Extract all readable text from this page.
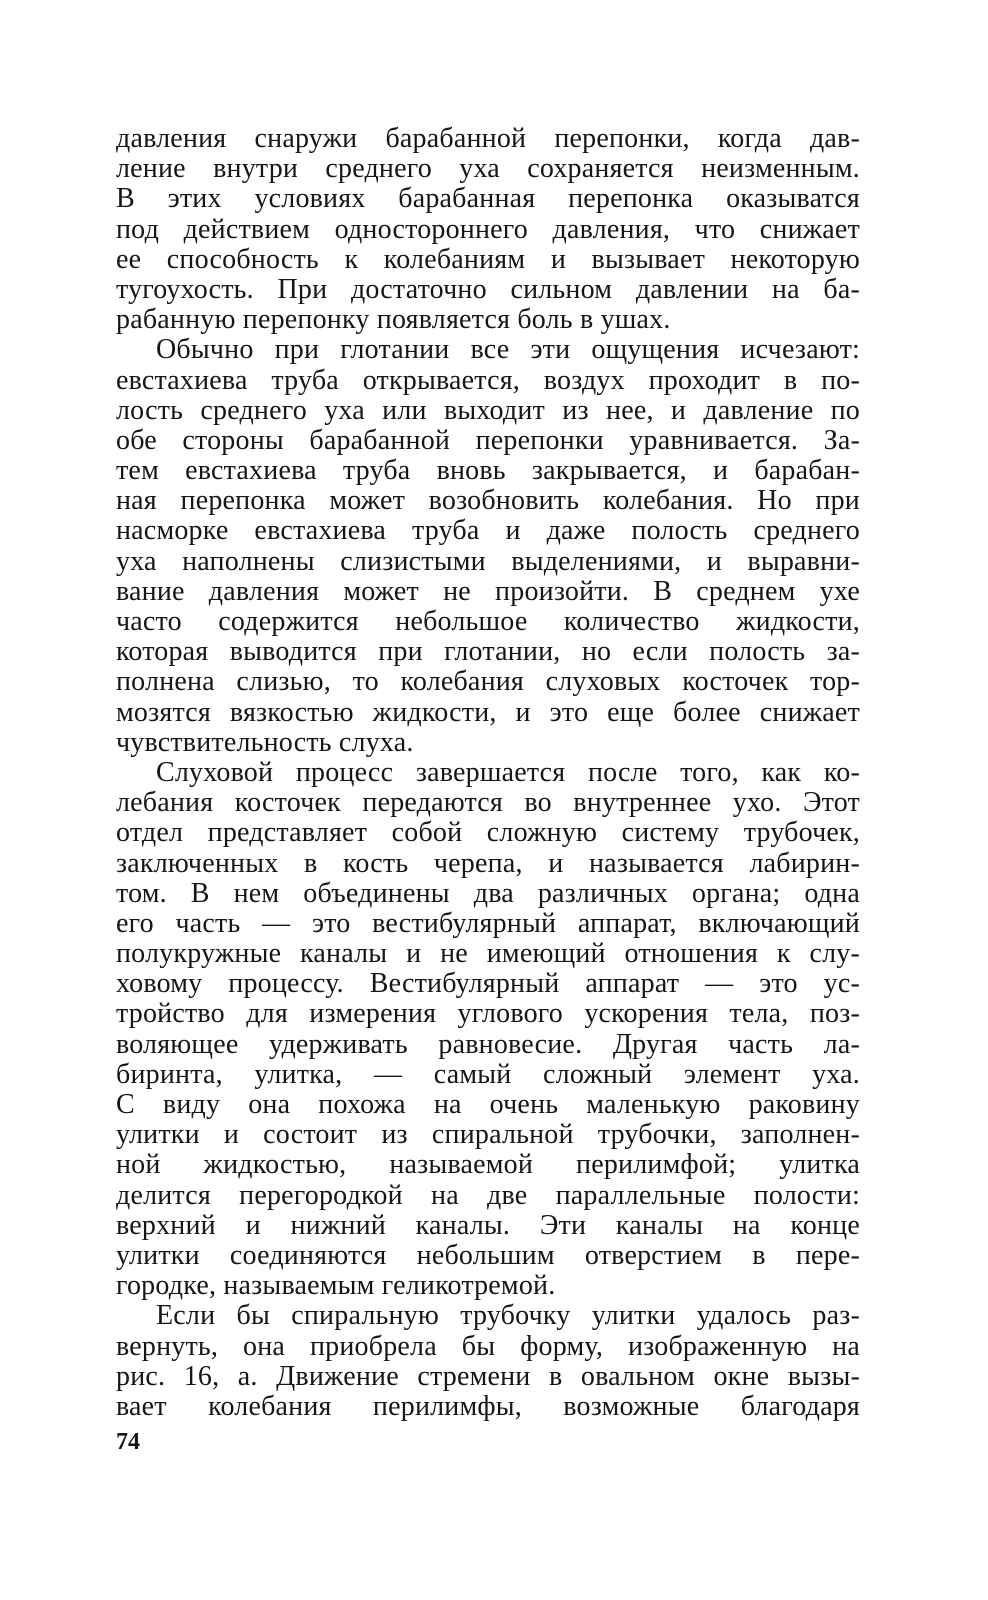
давления снаружи барабанной перепонки, когда дав-
ление внутри среднего уха сохраняется неизменным.
В этих условиях барабанная перепонка оказыватся
под действием одностороннего давления, что снижает
ее способность к колебаниям и вызывает некоторую
тугоухость. При достаточно сильном давлении на ба-
рабанную перепонку появляется боль в ушах.
Обычно при глотании все эти ощущения исчезают:
евстахиева труба открывается, воздух проходит в по-
лость среднего уха или выходит из нее, и давление по
обе стороны барабанной перепонки уравнивается. За-
тем евстахиева труба вновь закрывается, и барабан-
ная перепонка может возобновить колебания. Но при
насморке евстахиева труба и даже полость среднего
уха наполнены слизистыми выделениями, и выравни-
вание давления может не произойти. В среднем ухе
часто содержится небольшое количество жидкости,
которая выводится при глотании, но если полость за-
полнена слизью, то колебания слуховых косточек тор-
мозятся вязкостью жидкости, и это еще более снижает
чувствительность слуха.
Слуховой процесс завершается после того, как ко-
лебания косточек передаются во внутреннее ухо. Этот
отдел представляет собой сложную систему трубочек,
заключенных в кость черепа, и называется лабирин-
том. В нем объединены два различных органа; одна
его часть — это вестибулярный аппарат, включающий
полукружные каналы и не имеющий отношения к слу-
ховому процессу. Вестибулярный аппарат — это ус-
тройство для измерения углового ускорения тела, поз-
воляющее удерживать равновесие. Другая часть ла-
биринта, улитка, — самый сложный элемент уха.
С виду она похожа на очень маленькую раковину
улитки и состоит из спиральной трубочки, заполнен-
ной жидкостью, называемой перилимфой; улитка
делится перегородкой на две параллельные полости:
верхний и нижний каналы. Эти каналы на конце
улитки соединяются небольшим отверстием в пере-
городке, называемым геликотремой.
Если бы спиральную трубочку улитки удалось раз-
вернуть, она приобрела бы форму, изображенную на
рис. 16, а. Движение стремени в овальном окне вызы-
вает колебания перилимфы, возможные благодаря
74
